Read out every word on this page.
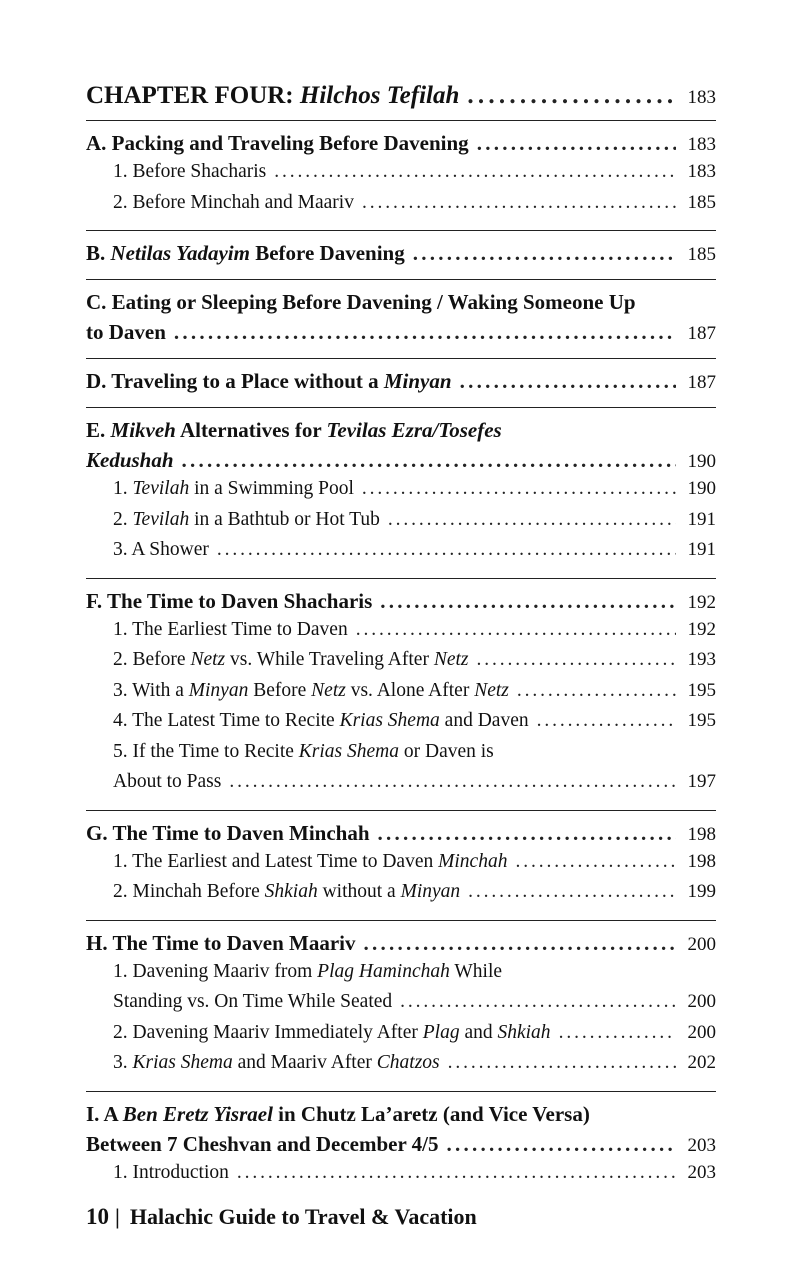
CHAPTER FOUR: Hilchos Tefilah . . .	183
A. Packing and Traveling Before Davening . . .	183
1. Before Shacharis . . .	183
2. Before Minchah and Maariv . . .	185
B. Netilas Yadayim Before Davening . . .	185
C. Eating or Sleeping Before Davening / Waking Someone Up
to Daven . . .	187
D. Traveling to a Place without a Minyan . . .	187
E. Mikveh Alternatives for Tevilas Ezra/Tosefes
Kedushah . . .	190
1. Tevilah in a Swimming Pool . . .	190
2. Tevilah in a Bathtub or Hot Tub . . .	191
3. A Shower . . .	191
F. The Time to Daven Shacharis . . .	192
1. The Earliest Time to Daven . . .	192
2. Before Netz vs. While Traveling After Netz . . .	193
3. With a Minyan Before Netz vs. Alone After Netz . . .	195
4. The Latest Time to Recite Krias Shema and Daven . . .	195
5. If the Time to Recite Krias Shema or Daven is
About to Pass . . .	197
G. The Time to Daven Minchah . . .	198
1. The Earliest and Latest Time to Daven Minchah . . .	198
2. Minchah Before Shkiah without a Minyan . . .	199
H. The Time to Daven Maariv . . .	200
1. Davening Maariv from Plag Haminchah While
Standing vs. On Time While Seated . . .	200
2. Davening Maariv Immediately After Plag and Shkiah . . .	200
3. Krias Shema and Maariv After Chatzos . . .	202
I. A Ben Eretz Yisrael in Chutz La’aretz (and Vice Versa)
Between 7 Cheshvan and December 4/5 . . .	203
1. Introduction . . .	203
10 | Halachic Guide to Travel & Vacation
